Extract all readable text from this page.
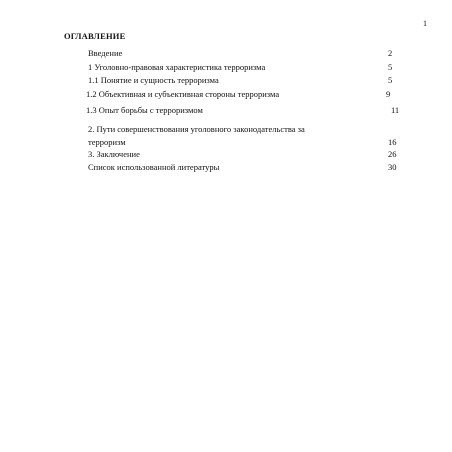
1
ОГЛАВЛЕНИЕ
Введение	2
1 Уголовно-правовая характеристика терроризма	5
1.1 Понятие и сущность терроризма	5
1.2 Объективная и субъективная стороны терроризма	9
1.3 Опыт борьбы с терроризмом	11
2. Пути совершенствования уголовного законодательства за
терроризм	16
3. Заключение	26
Список использованной литературы	30
